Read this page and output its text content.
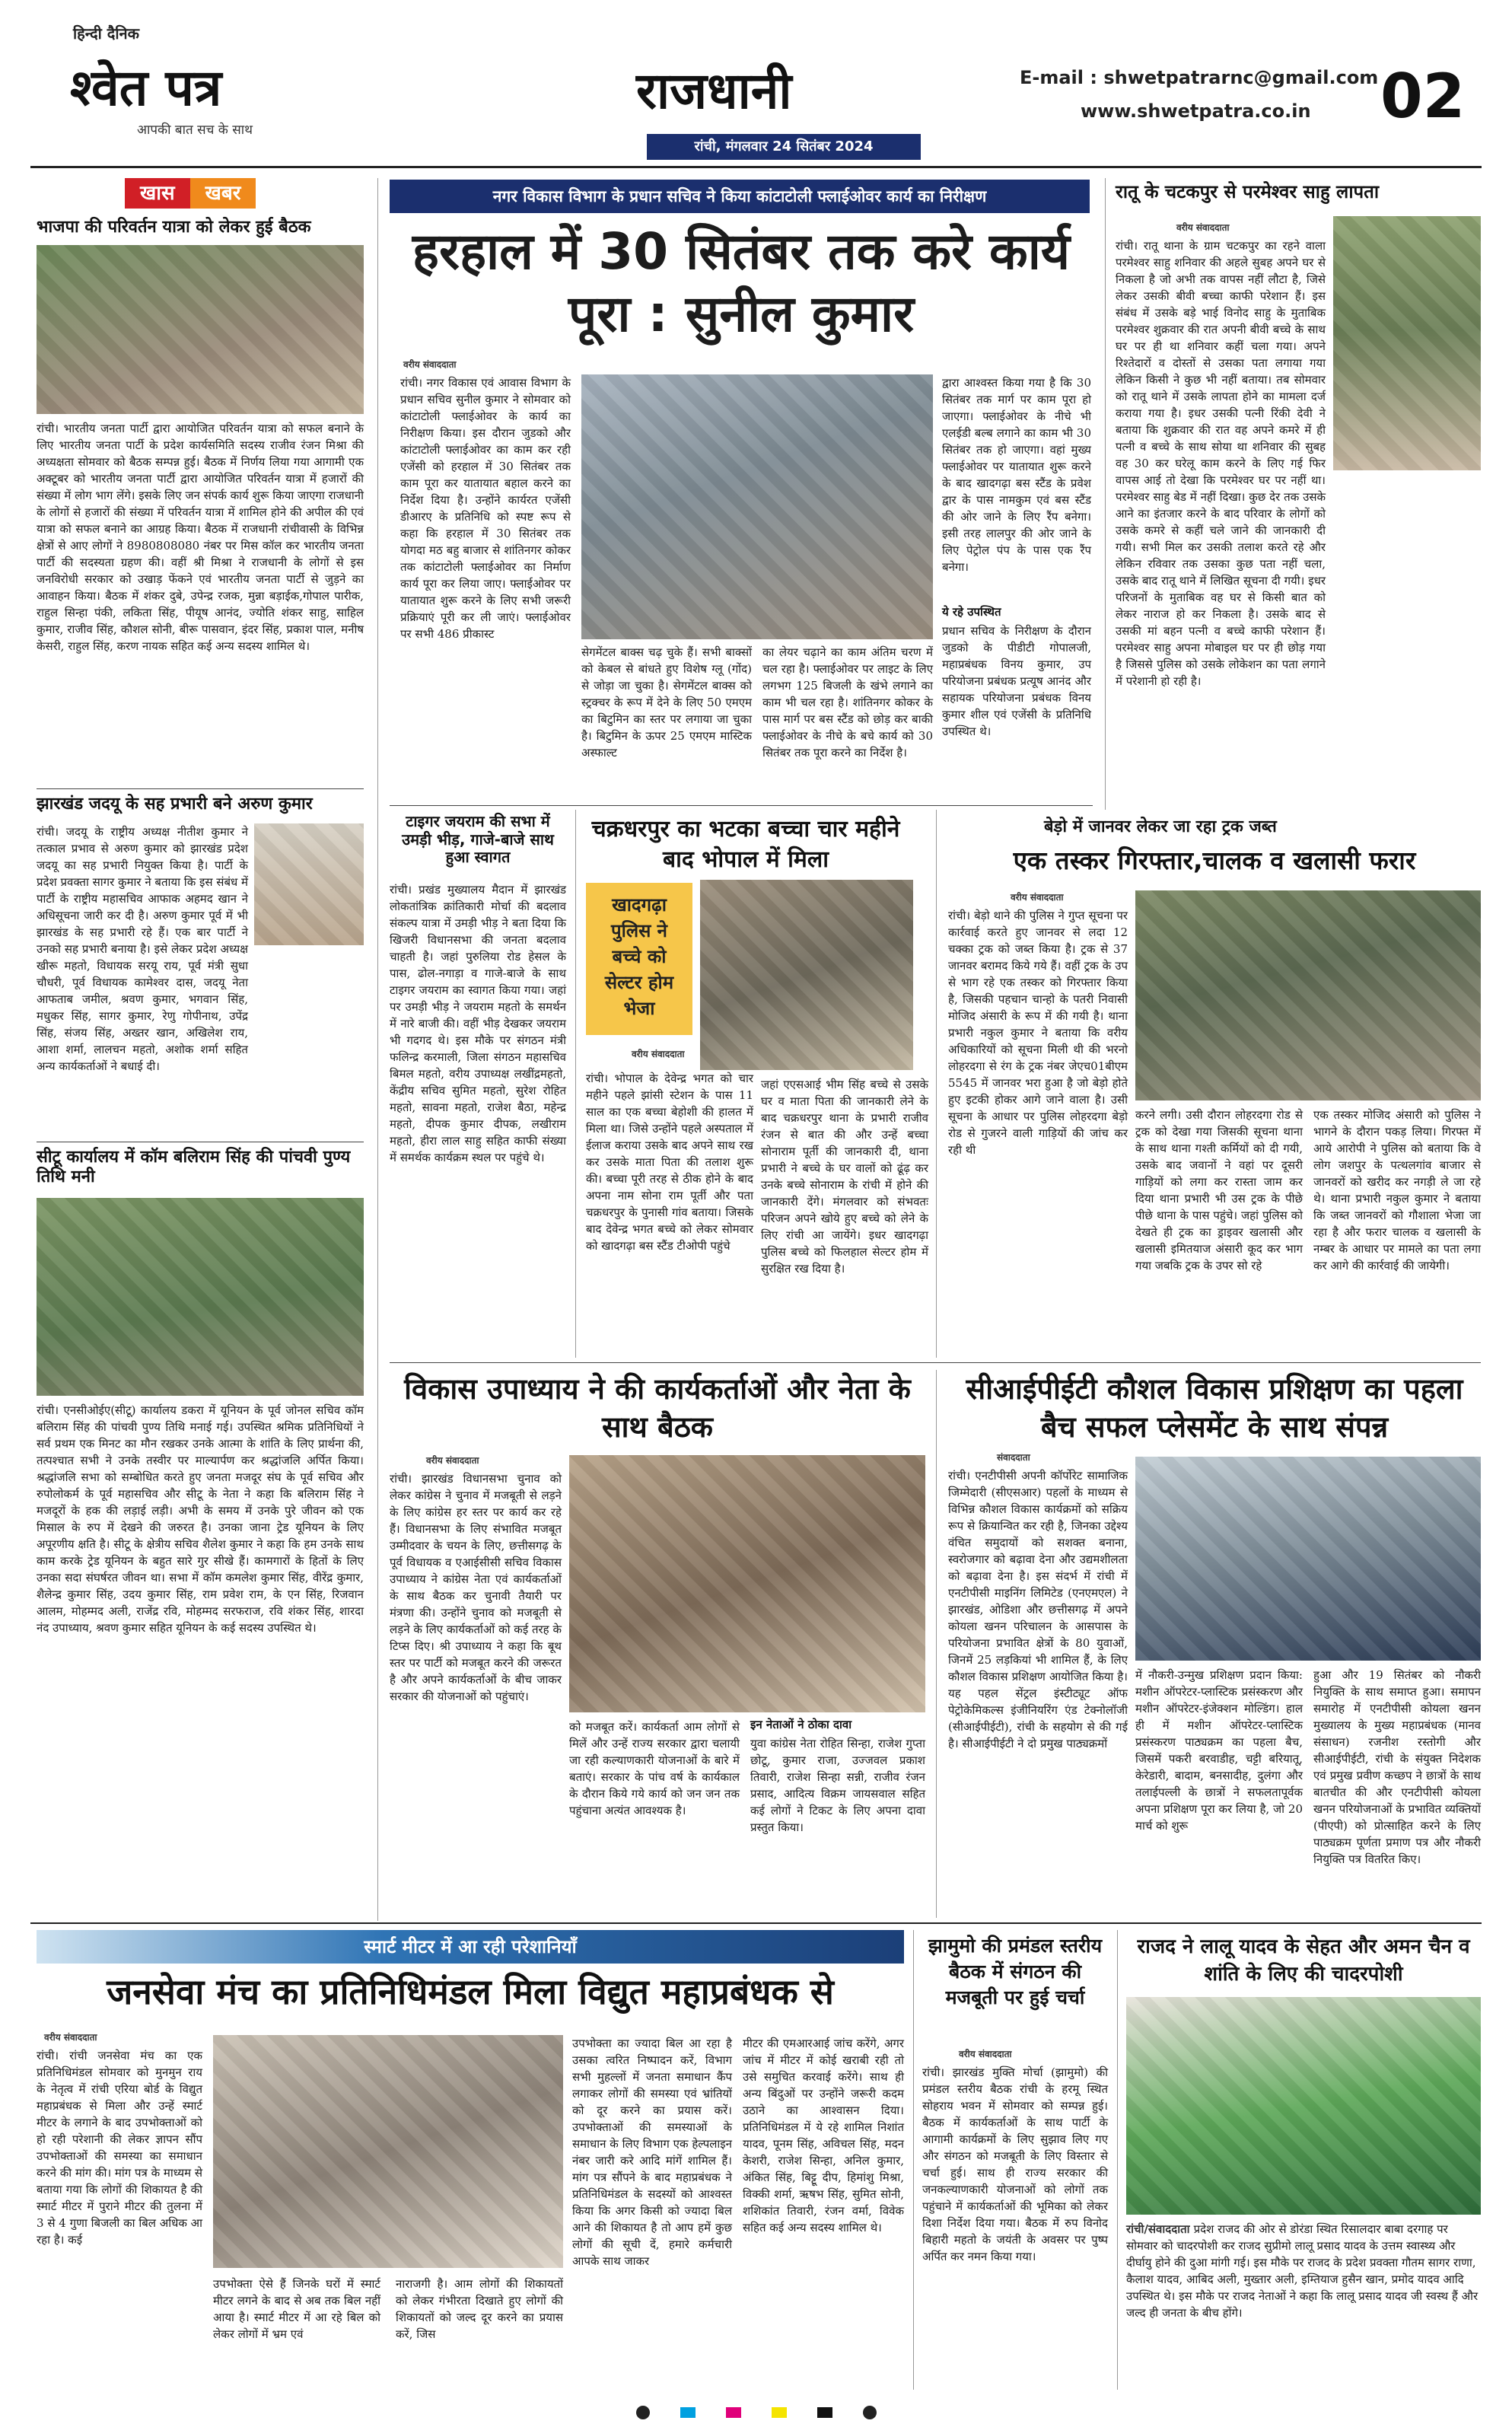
हिन्दी दैनिक
श्वेत पत्र
आपकी बात सच के साथ
राजधानी
रांची, मंगलवार 24 सितंबर 2024
E-mail : shwetpatrarnc@gmail.com
www.shwetpatra.co.in 02
खास	खबर
भाजपा की परिवर्तन यात्रा को लेकर हुई बैठक
रांची। भारतीय जनता पार्टी द्वारा आयोजित परिवर्तन यात्रा को सफल बनाने के लिए भारतीय जनता पार्टी के प्रदेश कार्यसमिति सदस्य राजीव रंजन मिश्रा की अध्यक्षता सोमवार को बैठक सम्पन्न हुई। बैठक में निर्णय लिया गया आगामी एक अक्टूबर को भारतीय जनता पार्टी द्वारा आयोजित परिवर्तन यात्रा में हजारों की संख्या में लोग भाग लेंगे। इसके लिए जन संपर्क कार्य शुरू किया जाएगा राजधानी के लोगों से हजारों की संख्या में परिवर्तन यात्रा में शामिल होने की अपील की एवं यात्रा को सफल बनाने का आग्रह किया। बैठक में राजधानी रांचीवासी के विभिन्न क्षेत्रों से आए लोगों ने 8980808080 नंबर पर मिस कॉल कर भारतीय जनता पार्टी की सदस्यता ग्रहण की। वहीं श्री मिश्रा ने राजधानी के लोगों से इस जनविरोधी सरकार को उखाड़ फेंकने एवं भारतीय जनता पार्टी से जुड़ने का आवाहन किया। बैठक में शंकर दुबे, उपेन्द्र रजक, मुन्ना बड़ाईक,गोपाल पारीक, राहुल सिन्हा पंकी, लकिता सिंह, पीयूष आनंद, ज्योति शंकर साहु, साहिल कुमार, राजीव सिंह, कौशल सोनी, बीरू पासवान, इंदर सिंह, प्रकाश पाल, मनीष केसरी, राहुल सिंह, करण नायक सहित कई अन्य सदस्य शामिल थे।
झारखंड जदयू के सह प्रभारी बने अरुण कुमार
रांची। जदयू के राष्ट्रीय अध्यक्ष नीतीश कुमार ने तत्काल प्रभाव से अरुण कुमार को झारखंड प्रदेश जदयू का सह प्रभारी नियुक्त किया है। पार्टी के प्रदेश प्रवक्ता सागर कुमार ने बताया कि इस संबंध में पार्टी के राष्ट्रीय महासचिव आफाक अहमद खान ने अधिसूचना जारी कर दी है। अरुण कुमार पूर्व में भी झारखंड के सह प्रभारी रहे हैं। एक बार पार्टी ने उनको सह प्रभारी बनाया है। इसे लेकर प्रदेश अध्यक्ष खीरू महतो, विधायक सरयू राय, पूर्व मंत्री सुधा चौधरी, पूर्व विधायक कामेश्वर दास, जदयू नेता आफताब जमील, श्रवण कुमार, भगवान सिंह, मधुकर सिंह, सागर कुमार, रेणु गोपीनाथ, उपेंद्र सिंह, संजय सिंह, अख्तर खान, अखिलेश राय, आशा शर्मा, लालचन महतो, अशोक शर्मा सहित अन्य कार्यकर्ताओं ने बधाई दी।
सीटू कार्यालय में कॉम बलिराम सिंह की पांचवी पुण्य तिथि मनी
रांची। एनसीओईए(सीटू) कार्यालय डकरा में यूनियन के पूर्व जोनल सचिव कॉम बलिराम सिंह की पांचवी पुण्य तिथि मनाई गई। उपस्थित श्रमिक प्रतिनिधियों ने सर्व प्रथम एक मिनट का मौन रखकर उनके आत्मा के शांति के लिए प्रार्थना की, तत्पश्चात सभी ने उनके तस्वीर पर माल्यार्पण कर श्रद्धांजलि अर्पित किया। श्रद्धांजलि सभा को सम्बोधित करते हुए जनता मजदूर संघ के पूर्व सचिव और रुपोलोकर्म के पूर्व महासचिव और सीटू के नेता ने कहा कि बलिराम सिंह ने मजदूरों के हक की लड़ाई लड़ी। अभी के समय में उनके पुरे जीवन को एक मिसाल के रुप में देखने की जरुरत है। उनका जाना ट्रेड यूनियन के लिए अपूरणीय क्षति है। सीटू के क्षेत्रीय सचिव शैलेश कुमार ने कहा कि हम उनके साथ काम करके ट्रेड यूनियन के बहुत सारे गुर सीखे हैं। कामगारों के हितों के लिए उनका सदा संघर्षरत जीवन था। सभा में कॉम कमलेश कुमार सिंह, वीरेंद्र कुमार, शैलेन्द्र कुमार सिंह, उदय कुमार सिंह, राम प्रवेश राम, के एन सिंह, रिजवान आलम, मोहम्मद अली, राजेंद्र रवि, मोहम्मद सरफराज, रवि शंकर सिंह, शारदा नंद उपाध्याय, श्रवण कुमार सहित यूनियन के कई सदस्य उपस्थित थे।
नगर विकास विभाग के प्रधान सचिव ने किया कांटाटोली फ्लाईओवर कार्य का निरीक्षण
हरहाल में 30 सितंबर तक करे कार्य पूरा : सुनील कुमार
वरीय संवाददाता
रांची। नगर विकास एवं आवास विभाग के प्रधान सचिव सुनील कुमार ने सोमवार को कांटाटोली फ्लाईओवर के कार्य का निरीक्षण किया। इस दौरान जुडको और कांटाटोली फ्लाईओवर का काम कर रही एजेंसी को हरहाल में 30 सितंबर तक काम पूरा कर यातायात बहाल करने का निर्देश दिया है। उन्होंने कार्यरत एजेंसी डीआरए के प्रतिनिधि को स्पष्ट रूप से कहा कि हरहाल में 30 सितंबर तक योगदा मठ बहु बाजार से शांतिनगर कोकर तक कांटाटोली फ्लाईओवर का निर्माण कार्य पूरा कर लिया जाए। फ्लाईओवर पर यातायात शुरू करने के लिए सभी जरूरी प्रक्रियाएं पूरी कर ली जाएं। फ्लाईओवर पर सभी 486 प्रीकास्ट
सेगमेंटल बाक्स चढ़ चुके हैं। सभी बाक्सों को केबल से बांधते हुए विशेष ग्लू (गोंद) से जोड़ा जा चुका है। सेगमेंटल बाक्स को स्ट्रक्चर के रूप में देने के लिए 50 एमएम का बिटुमिन का स्तर पर लगाया जा चुका है। बिटुमिन के ऊपर 25 एमएम मास्टिक अस्फाल्ट
का लेयर चढ़ाने का काम अंतिम चरण में चल रहा है। फ्लाईओवर पर लाइट के लिए लगभग 125 बिजली के खंभे लगाने का काम भी चल रहा है। शांतिनगर कोकर के पास मार्ग पर बस स्टैंड को छोड़ कर बाकी फ्लाईओवर के नीचे के बचे कार्य को 30 सितंबर तक पूरा करने का निर्देश है।
द्वारा आश्वस्त किया गया है कि 30 सितंबर तक मार्ग पर काम पूरा हो जाएगा। फ्लाईओवर के नीचे भी एलईडी बल्ब लगाने का काम भी 30 सितंबर तक हो जाएगा। वहां मुख्य फ्लाईओवर पर यातायात शुरू करने के बाद खादगढ़ा बस स्टैंड के प्रवेश द्वार के पास नामकुम एवं बस स्टैंड की ओर जाने के लिए रैंप बनेगा। इसी तरह लालपुर की ओर जाने के लिए पेट्रोल पंप के पास एक रैंप बनेगा।
ये रहे उपस्थित
प्रधान सचिव के निरीक्षण के दौरान जुडको के पीडीटी गोपालजी, महाप्रबंधक विनय कुमार, उप परियोजना प्रबंधक प्रत्यूष आनंद और सहायक परियोजना प्रबंधक विनय कुमार शील एवं एजेंसी के प्रतिनिधि उपस्थित थे।
रातू के चटकपुर से परमेश्वर साहु लापता
वरीय संवाददाता
रांची। रातू थाना के ग्राम चटकपुर का रहने वाला परमेश्वर साहु शनिवार की अहले सुबह अपने घर से निकला है जो अभी तक वापस नहीं लौटा है, जिसे लेकर उसकी बीवी बच्चा काफी परेशान हैं। इस संबंध में उसके बड़े भाई विनोद साहु के मुताबिक परमेश्वर शुक्रवार की रात अपनी बीवी बच्चे के साथ घर पर ही था शनिवार कहीं चला गया। अपने रिश्तेदारों व दोस्तों से उसका पता लगाया गया लेकिन किसी ने कुछ भी नहीं बताया। तब सोमवार को रातू थाने में उसके लापता होने का मामला दर्ज कराया गया है। इधर उसकी पत्नी रिंकी देवी ने बताया कि शुक्रवार की रात वह अपने कमरे में ही पत्नी व बच्चे के साथ सोया था शनिवार की सुबह वह 30 कर घरेलू काम करने के लिए गई फिर वापस आई तो देखा कि परमेश्वर घर पर नहीं था। परमेश्वर साहु बेड में नहीं दिखा। कुछ देर तक उसके आने का इंतजार करने के बाद परिवार के लोगों को उसके कमरे से कहीं चले जाने की जानकारी दी गयी। सभी मिल कर उसकी तलाश करते रहे और लेकिन रविवार तक उसका कुछ पता नहीं चला, उसके बाद रातू थाने में लिखित सूचना दी गयी। इधर परिजनों के मुताबिक वह घर से किसी बात को लेकर नाराज हो कर निकला है। उसके बाद से उसकी मां बहन पत्नी व बच्चे काफी परेशान हैं। परमेश्वर साहु अपना मोबाइल घर पर ही छोड़ गया है जिससे पुलिस को उसके लोकेशन का पता लगाने में परेशानी हो रही है।
टाइगर जयराम की सभा में उमड़ी भीड़, गाजे-बाजे साथ हुआ स्वागत
रांची। प्रखंड मुख्यालय मैदान में झारखंड लोकतांत्रिक क्रांतिकारी मोर्चा की बदलाव संकल्प यात्रा में उमड़ी भीड़ ने बता दिया कि खिजरी विधानसभा की जनता बदलाव चाहती है। जहां पुरुलिया रोड हेसल के पास, ढोल-नगाड़ा व गाजे-बाजे के साथ टाइगर जयराम का स्वागत किया गया। जहां पर उमड़ी भीड़ ने जयराम महतो के समर्थन में नारे बाजी की। वहीं भीड़ देखकर जयराम भी गदगद थे। इस मौके पर संगठन मंत्री फलिन्द्र करमाली, जिला संगठन महासचिव बिमल महतो, वरीय उपाध्यक्ष लखींद्रमहतो, केंद्रीय सचिव सुमित महतो, सुरेश रोहित महतो, सावना महतो, राजेश बैठा, महेन्द्र महतो, दीपक कुमार दीपक, लखीराम महतो, हीरा लाल साहु सहित काफी संख्या में समर्थक कार्यक्रम स्थल पर पहुंचे थे।
चक्रधरपुर का भटका बच्चा चार महीने बाद भोपाल में मिला
खादगढ़ा पुलिस ने बच्चे को सेल्टर होम भेजा
वरीय संवाददाता
रांची। भोपाल के देवेन्द्र भगत को चार महीने पहले झांसी स्टेशन के पास 11 साल का एक बच्चा बेहोशी की हालत में मिला था। जिसे उन्होंने पहले अस्पताल में ईलाज कराया उसके बाद अपने साथ रख कर उसके माता पिता की तलाश शुरू की। बच्चा पूरी तरह से ठीक होने के बाद अपना नाम सोना राम पूर्ती और पता चक्रधरपुर के पुनासी गांव बताया। जिसके बाद देवेन्द्र भगत बच्चे को लेकर सोमवार को खादगढ़ा बस स्टैंड टीओपी पहुंचे
जहां एएसआई भीम सिंह बच्चे से उसके घर व माता पिता की जानकारी लेने के बाद चक्रधरपुर थाना के प्रभारी राजीव रंजन से बात की और उन्हें बच्चा सोनाराम पूर्ती की जानकारी दी, थाना प्रभारी ने बच्चे के घर वालों को ढूंढ़ कर उनके बच्चे सोनाराम के रांची में होने की जानकारी देंगे। मंगलवार को संभवतः परिजन अपने खोये हुए बच्चे को लेने के लिए रांची आ जायेंगे। इधर खादगढ़ा पुलिस बच्चे को फिलहाल सेल्टर होम में सुरक्षित रख दिया है।
बेड़ो में जानवर लेकर जा रहा ट्रक जब्त
एक तस्कर गिरफ्तार,चालक व खलासी फरार
वरीय संवाददाता
रांची। बेड़ो थाने की पुलिस ने गुप्त सूचना पर कार्रवाई करते हुए जानवर से लदा 12 चक्का ट्रक को जब्त किया है। ट्रक से 37 जानवर बरामद किये गये हैं। वहीं ट्रक के उप से भाग रहे एक तस्कर को गिरफ्तार किया है, जिसकी पहचान चान्हो के पतरी निवासी मोजिद अंसारी के रूप में की गयी है। थाना प्रभारी नकुल कुमार ने बताया कि वरीय अधिकारियों को सूचना मिली थी की भरनो लोहरदगा से रंग के ट्रक नंबर जेएच01बीएम 5545 में जानवर भरा हुआ है जो बेड़ो होते हुए इटकी होकर आगे जाने वाला है। उसी सूचना के आधार पर पुलिस लोहरदगा बेड़ो रोड से गुजरने वाली गाड़ियों की जांच कर रही थी
करने लगी। उसी दौरान लोहरदगा रोड से ट्रक को देखा गया जिसकी सूचना थाना के साथ थाना गश्ती कर्मियों को दी गयी, उसके बाद जवानों ने वहां पर दूसरी गाड़ियों को लगा कर रास्ता जाम कर दिया थाना प्रभारी भी उस ट्रक के पीछे पीछे थाना के पास पहुंचे। जहां पुलिस को देखते ही ट्रक का ड्राइवर खलासी और खलासी इमितयाज अंसारी कूद कर भाग गया जबकि ट्रक के उपर सो रहे
एक तस्कर मोजिद अंसारी को पुलिस ने भागने के दौरान पकड़ लिया। गिरफ्त में आये आरोपी ने पुलिस को बताया कि वे लोग जशपुर के पत्थलगांव बाजार से जानवरों को खरीद कर नगड़ी ले जा रहे थे। थाना प्रभारी नकुल कुमार ने बताया कि जब्त जानवरों को गौशाला भेजा जा रहा है और फरार चालक व खलासी के नम्बर के आधार पर मामले का पता लगा कर आगे की कार्रवाई की जायेगी।
विकास उपाध्याय ने की कार्यकर्ताओं और नेता के साथ बैठक
वरीय संवाददाता
रांची। झारखंड विधानसभा चुनाव को लेकर कांग्रेस ने चुनाव में मजबूती से लड़ने के लिए कांग्रेस हर स्तर पर कार्य कर रहे हैं। विधानसभा के लिए संभावित मजबूत उम्मीदवार के चयन के लिए, छत्तीसगढ़ के पूर्व विधायक व एआईसीसी सचिव विकास उपाध्याय ने कांग्रेस नेता एवं कार्यकर्ताओं के साथ बैठक कर चुनावी तैयारी पर मंत्रणा की। उन्होंने चुनाव को मजबूती से लड़ने के लिए कार्यकर्ताओं को कई तरह के टिप्स दिए। श्री उपाध्याय ने कहा कि बूथ स्तर पर पार्टी को मजबूत करने की जरूरत है और अपने कार्यकर्ताओं के बीच जाकर सरकार की योजनाओं को पहुंचाएं।
को मजबूत करें। कार्यकर्ता आम लोगों से मिलें और उन्हें राज्य सरकार द्वारा चलायी जा रही कल्याणकारी योजनाओं के बारे में बताएं। सरकार के पांच वर्ष के कार्यकाल के दौरान किये गये कार्य को जन जन तक पहुंचाना अत्यंत आवश्यक है।
इन नेताओं ने ठोका दावा
युवा कांग्रेस नेता रोहित सिन्हा, राजेश गुप्ता छोटू, कुमार राजा, उज्जवल प्रकाश तिवारी, राजेश सिन्हा सन्नी, राजीव रंजन प्रसाद, आदित्य विक्रम जायसवाल सहित कई लोगों ने टिकट के लिए अपना दावा प्रस्तुत किया।
सीआईपीईटी कौशल विकास प्रशिक्षण का पहला बैच सफल प्लेसमेंट के साथ संपन्न
संवाददाता
रांची। एनटीपीसी अपनी कॉर्पोरेट सामाजिक जिम्मेदारी (सीएसआर) पहलों के माध्यम से विभिन्न कौशल विकास कार्यक्रमों को सक्रिय रूप से क्रियान्वित कर रही है, जिनका उद्देश्य वंचित समुदायों को सशक्त बनाना, स्वरोजगार को बढ़ावा देना और उद्यमशीलता को बढ़ावा देना है। इस संदर्भ में रांची में एनटीपीसी माइनिंग लिमिटेड (एनएमएल) ने झारखंड, ओडिशा और छत्तीसगढ़ में अपने कोयला खनन परिचालन के आसपास के परियोजना प्रभावित क्षेत्रों के 80 युवाओं, जिनमें 25 लड़कियां भी शामिल हैं, के लिए कौशल विकास प्रशिक्षण आयोजित किया है। यह पहल सेंट्रल इंस्टीट्यूट ऑफ पेट्रोकेमिकल्स इंजीनियरिंग एंड टेक्नोलॉजी (सीआईपीईटी), रांची के सहयोग से की गई है। सीआईपीईटी ने दो प्रमुख पाठ्यक्रमों
में नौकरी-उन्मुख प्रशिक्षण प्रदान किया: मशीन ऑपरेटर-प्लास्टिक प्रसंस्करण और मशीन ऑपरेटर-इंजेक्शन मोल्डिंग। हाल ही में मशीन ऑपरेटर-प्लास्टिक प्रसंस्करण पाठ्यक्रम का पहला बैच, जिसमें पकरी बरवाडीह, चट्टी बरियातू, केरेडारी, बादाम, बनसादीह, दुलंगा और तलाईपल्ली के छात्रों ने सफलतापूर्वक अपना प्रशिक्षण पूरा कर लिया है, जो 20 मार्च को शुरू
हुआ और 19 सितंबर को नौकरी नियुक्ति के साथ समाप्त हुआ। समापन समारोह में एनटीपीसी कोयला खनन मुख्यालय के मुख्य महाप्रबंधक (मानव संसाधन) रजनीश रस्तोगी और सीआईपीईटी, रांची के संयुक्त निदेशक एवं प्रमुख प्रवीण कच्छप ने छात्रों के साथ बातचीत की और एनटीपीसी कोयला खनन परियोजनाओं के प्रभावित व्यक्तियों (पीएपी) को प्रोत्साहित करने के लिए पाठ्यक्रम पूर्णता प्रमाण पत्र और नौकरी नियुक्ति पत्र वितरित किए।
स्मार्ट मीटर में आ रही परेशानियाँ
जनसेवा मंच का प्रतिनिधिमंडल मिला विद्युत महाप्रबंधक से
वरीय संवाददाता
रांची। रांची जनसेवा मंच का एक प्रतिनिधिमंडल सोमवार को मुनमुन राय के नेतृत्व में रांची एरिया बोर्ड के विद्युत महाप्रबंधक से मिला और उन्हें स्मार्ट मीटर के लगाने के बाद उपभोक्ताओं को हो रही परेशानी की लेकर ज्ञापन सौंप उपभोक्ताओं की समस्या का समाधान करने की मांग की। मांग पत्र के माध्यम से बताया गया कि लोगों की शिकायत है की स्मार्ट मीटर में पुराने मीटर की तुलना में 3 से 4 गुणा बिजली का बिल अधिक आ रहा है। कई
उपभोक्ता ऐसे हैं जिनके घरों में स्मार्ट मीटर लगने के बाद से अब तक बिल नहीं आया है। स्मार्ट मीटर में आ रहे बिल को लेकर लोगों में भ्रम एवं
नाराजगी है। आम लोगों की शिकायतों को लेकर गंभीरता दिखाते हुए लोगों की शिकायतों को जल्द दूर करने का प्रयास करें, जिस
उपभोक्ता का ज्यादा बिल आ रहा है उसका त्वरित निष्पादन करें, विभाग सभी मुहल्लों में जनता समाधान कैंप लगाकर लोगों की समस्या एवं भ्रांतियों को दूर करने का प्रयास करें। उपभोक्ताओं की समस्याओं के समाधान के लिए विभाग एक हेल्पलाइन नंबर जारी करे आदि मांगें शामिल हैं। मांग पत्र सौंपने के बाद महाप्रबंधक ने प्रतिनिधिमंडल के सदस्यों को आश्वस्त किया कि अगर किसी को ज्यादा बिल आने की शिकायत है तो आप हमें कुछ लोगों की सूची दें, हमारे कर्मचारी आपके साथ जाकर
मीटर की एमआरआई जांच करेंगे, अगर जांच में मीटर में कोई खराबी रही तो उसे समुचित करवाई करेंगे। साथ ही अन्य बिंदुओं पर उन्होंने जरूरी कदम उठाने का आश्वासन दिया। प्रतिनिधिमंडल में ये रहे शामिल निशांत यादव, पूनम सिंह, अविचल सिंह, मदन केशरी, राजेश सिन्हा, अनिल कुमार, अंकित सिंह, बिट्टू दीप, हिमांशु मिश्रा, विक्की शर्मा, ऋषभ सिंह, सुमित सोनी, शशिकांत तिवारी, रंजन वर्मा, विवेक सहित कई अन्य सदस्य शामिल थे।
झामुमो की प्रमंडल स्तरीय बैठक में संगठन की मजबूती पर हुई चर्चा
वरीय संवाददाता
रांची। झारखंड मुक्ति मोर्चा (झामुमो) की प्रमंडल स्तरीय बैठक रांची के हरमू स्थित सोहराय भवन में सोमवार को सम्पन्न हुई। बैठक में कार्यकर्ताओं के साथ पार्टी के आगामी कार्यक्रमों के लिए सुझाव लिए गए और संगठन को मजबूती के लिए विस्तार से चर्चा हुई। साथ ही राज्य सरकार की जनकल्याणकारी योजनाओं को लोगों तक पहुंचाने में कार्यकर्ताओं की भूमिका को लेकर दिशा निर्देश दिया गया। बैठक में रुप विनोद बिहारी महतो के जयंती के अवसर पर पुष्प अर्पित कर नमन किया गया।
राजद ने लालू यादव के सेहत और अमन चैन व शांति के लिए की चादरपोशी
रांची/संवाददाता प्रदेश राजद की ओर से डोरंडा स्थित रिसालदार बाबा दरगाह पर सोमवार को चादरपोशी कर राजद सुप्रीमो लालू प्रसाद यादव के उत्तम स्वास्थ्य और दीर्घायु होने की दुआ मांगी गई। इस मौके पर राजद के प्रदेश प्रवक्ता गौतम सागर राणा, कैलाश यादव, आबिद अली, मुख्तार अली, इम्तियाज हुसैन खान, प्रमोद यादव आदि उपस्थित थे। इस मौके पर राजद नेताओं ने कहा कि लालू प्रसाद यादव जी स्वस्थ हैं और जल्द ही जनता के बीच होंगे।
